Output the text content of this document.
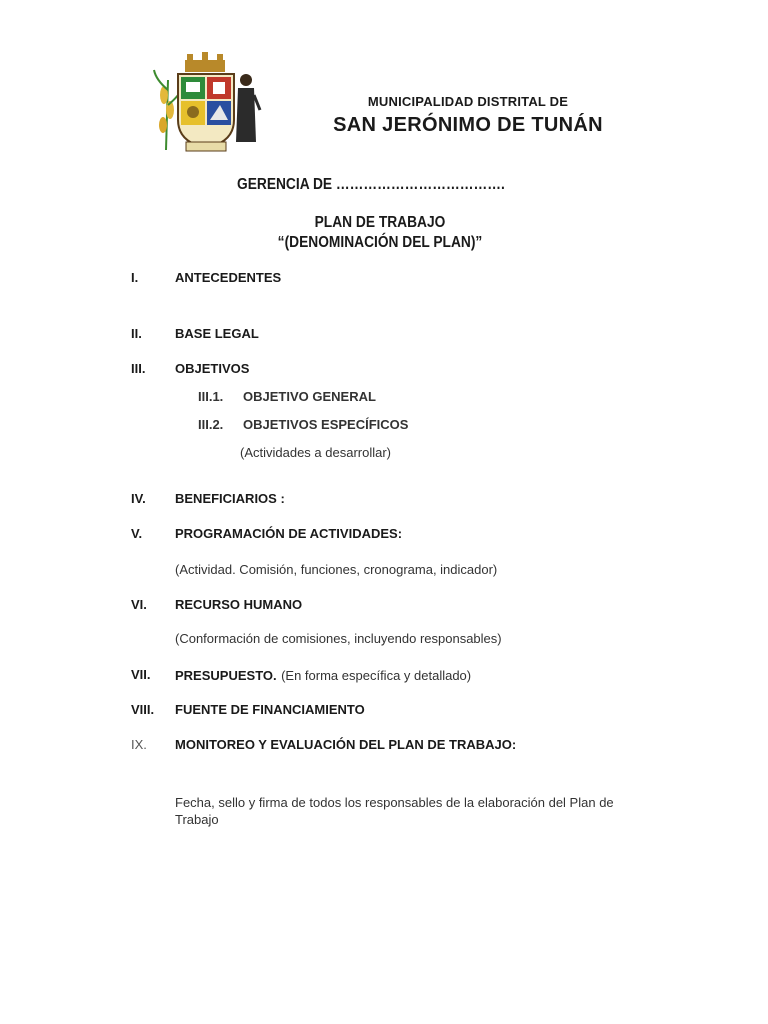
MUNICIPALIDAD DISTRITAL DE
SAN JERÓNIMO DE TUNÁN
GERENCIA DE ……………………………….
PLAN DE TRABAJO
“(DENOMINACIÓN DEL PLAN)”
I.	ANTECEDENTES
II.	BASE LEGAL
III. OBJETIVOS
III.1. OBJETIVO GENERAL
III.2. OBJETIVOS ESPECÍFICOS
(Actividades a desarrollar)
IV. BENEFICIARIOS :
V.	PROGRAMACIÓN DE ACTIVIDADES:
(Actividad. Comisión, funciones, cronograma, indicador)
VI. RECURSO HUMANO
(Conformación de comisiones, incluyendo responsables)
VII. PRESUPUESTO. (En forma específica y detallado)
VIII. FUENTE DE FINANCIAMIENTO
IX. MONITOREO Y EVALUACIÓN DEL PLAN DE TRABAJO:
Fecha, sello y firma de todos los responsables de la elaboración del Plan de
Trabajo
